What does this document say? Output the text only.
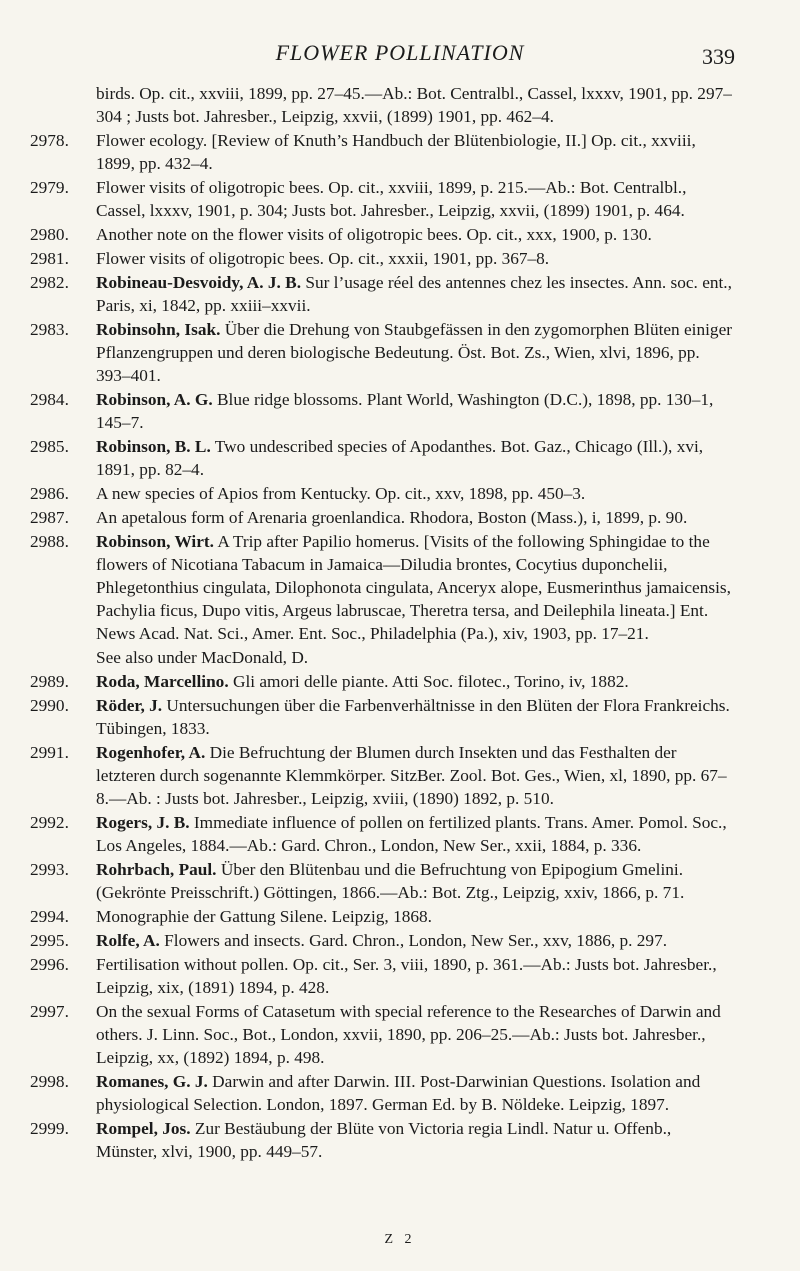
FLOWER POLLINATION	339
birds. Op. cit., xxviii, 1899, pp. 27–45.—Ab.: Bot. Centralbl., Cassel, lxxxv, 1901, pp. 297–304 ; Justs bot. Jahresber., Leipzig, xxvii, (1899) 1901, pp. 462–4.
2978. Flower ecology. [Review of Knuth’s Handbuch der Blütenbiologie, II.] Op. cit., xxviii, 1899, pp. 432–4.
2979. Flower visits of oligotropic bees. Op. cit., xxviii, 1899, p. 215.—Ab.: Bot. Centralbl., Cassel, lxxxv, 1901, p. 304; Justs bot. Jahresber., Leipzig, xxvii, (1899) 1901, p. 464.
2980. Another note on the flower visits of oligotropic bees. Op. cit., xxx, 1900, p. 130.
2981. Flower visits of oligotropic bees. Op. cit., xxxii, 1901, pp. 367–8.
2982. Robineau-Desvoidy, A. J. B. Sur l’usage réel des antennes chez les insectes. Ann. soc. ent., Paris, xi, 1842, pp. xxiii–xxvii.
2983. Robinsohn, Isak. Über die Drehung von Staubgefässen in den zygomorphen Blüten einiger Pflanzengruppen und deren biologische Bedeutung. Öst. Bot. Zs., Wien, xlvi, 1896, pp. 393–401.
2984. Robinson, A. G. Blue ridge blossoms. Plant World, Washington (D.C.), 1898, pp. 130–1, 145–7.
2985. Robinson, B. L. Two undescribed species of Apodanthes. Bot. Gaz., Chicago (Ill.), xvi, 1891, pp. 82–4.
2986. A new species of Apios from Kentucky. Op. cit., xxv, 1898, pp. 450–3.
2987. An apetalous form of Arenaria groenlandica. Rhodora, Boston (Mass.), i, 1899, p. 90.
2988. Robinson, Wirt. A Trip after Papilio homerus. [Visits of the following Sphingidae to the flowers of Nicotiana Tabacum in Jamaica—Diludia brontes, Cocytius duponchelii, Phlegetonthius cingulata, Dilophonota cingulata, Anceryx alope, Eusmerinthus jamaicensis, Pachylia ficus, Dupo vitis, Argeus labruscae, Theretra tersa, and Deilephila lineata.] Ent. News Acad. Nat. Sci., Amer. Ent. Soc., Philadelphia (Pa.), xiv, 1903, pp. 17–21.
See also under MacDonald, D.
2989. Roda, Marcellino. Gli amori delle piante. Atti Soc. filotec., Torino, iv, 1882.
2990. Röder, J. Untersuchungen über die Farbenverhältnisse in den Blüten der Flora Frankreichs. Tübingen, 1833.
2991. Rogenhofer, A. Die Befruchtung der Blumen durch Insekten und das Festhalten der letzteren durch sogenannte Klemmkörper. SitzBer. Zool. Bot. Ges., Wien, xl, 1890, pp. 67–8.—Ab. : Justs bot. Jahresber., Leipzig, xviii, (1890) 1892, p. 510.
2992. Rogers, J. B. Immediate influence of pollen on fertilized plants. Trans. Amer. Pomol. Soc., Los Angeles, 1884.—Ab.: Gard. Chron., London, New Ser., xxii, 1884, p. 336.
2993. Rohrbach, Paul. Über den Blütenbau und die Befruchtung von Epipogium Gmelini. (Gekrönte Preisschrift.) Göttingen, 1866.—Ab.: Bot. Ztg., Leipzig, xxiv, 1866, p. 71.
2994. Monographie der Gattung Silene. Leipzig, 1868.
2995. Rolfe, A. Flowers and insects. Gard. Chron., London, New Ser., xxv, 1886, p. 297.
2996. Fertilisation without pollen. Op. cit., Ser. 3, viii, 1890, p. 361.—Ab.: Justs bot. Jahresber., Leipzig, xix, (1891) 1894, p. 428.
2997. On the sexual Forms of Catasetum with special reference to the Researches of Darwin and others. J. Linn. Soc., Bot., London, xxvii, 1890, pp. 206–25.—Ab.: Justs bot. Jahresber., Leipzig, xx, (1892) 1894, p. 498.
2998. Romanes, G. J. Darwin and after Darwin. III. Post-Darwinian Questions. Isolation and physiological Selection. London, 1897. German Ed. by B. Nöldeke. Leipzig, 1897.
2999. Rompel, Jos. Zur Bestäubung der Blüte von Victoria regia Lindl. Natur u. Offenb., Münster, xlvi, 1900, pp. 449–57.
Z 2
